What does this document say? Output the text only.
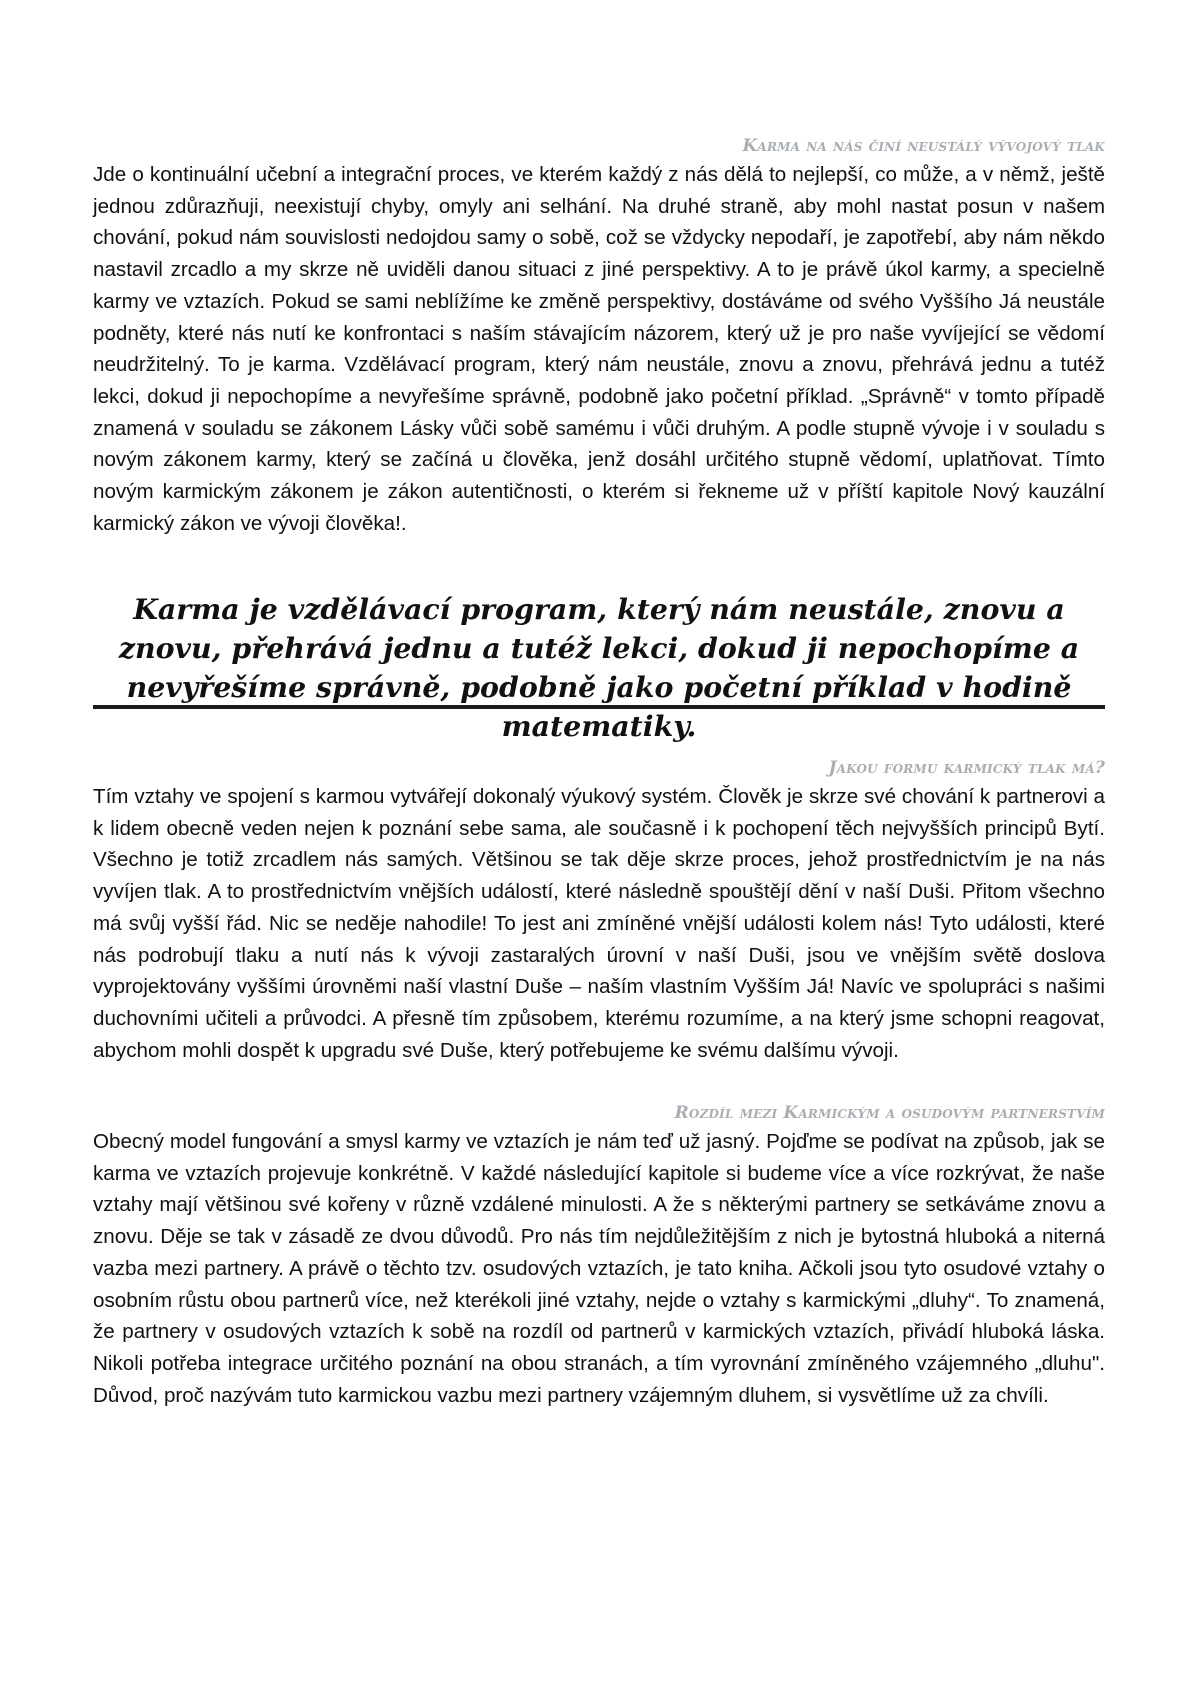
Karma na nás činí neustálý vývojový tlak

Jde o kontinuální učební a integrační proces, ve kterém každý z nás dělá to nejlepší, co může, a v němž, ještě jednou zdůrazňuji, neexistují chyby, omyly ani selhání. Na druhé straně, aby mohl nastat posun v našem chování, pokud nám souvislosti nedojdou samy o sobě, což se vždycky nepodaří, je zapotřebí, aby nám někdo nastavil zrcadlo a my skrze ně uviděli danou situaci z jiné perspektivy. A to je právě úkol karmy, a specielně karmy ve vztazích. Pokud se sami neblížíme ke změně perspektivy, dostáváme od svého Vyššího Já neustále podněty, které nás nutí ke konfrontaci s naším stávajícím názorem, který už je pro naše vyvíjející se vědomí neudržitelný. To je karma. Vzdělávací program, který nám neustále, znovu a znovu, přehrává jednu a tutéž lekci, dokud ji nepochopíme a nevyřešíme správně, podobně jako početní příklad. „Správně“ v tomto případě znamená v souladu se zákonem Lásky vůči sobě samému i vůči druhým. A podle stupně vývoje i v souladu s novým zákonem karmy, který se začíná u člověka, jenž dosáhl určitého stupně vědomí, uplatňovat. Tímto novým karmickým zákonem je zákon autentičnosti, o kterém si řekneme už v příští kapitole Nový kauzální karmický zákon ve vývoji člověka!.

Karma je vzdělávací program, který nám neustále, znovu a znovu, přehrává jednu a tutéž lekci, dokud ji nepochopíme a nevyřešíme správně, podobně jako početní příklad v hodině matematiky.

Jakou formu karmický tlak má?

Tím vztahy ve spojení s karmou vytvářejí dokonalý výukový systém. Člověk je skrze své chování k partnerovi a k lidem obecně veden nejen k poznání sebe sama, ale současně i k pochopení těch nejvyšších principů Bytí. Všechno je totiž zrcadlem nás samých. Většinou se tak děje skrze proces, jehož prostřednictvím je na nás vyvíjen tlak. A to prostřednictvím vnějších událostí, které následně spouštějí dění v naší Duši. Přitom všechno má svůj vyšší řád. Nic se neděje nahodile! To jest ani zmíněné vnější události kolem nás! Tyto události, které nás podrobují tlaku a nutí nás k vývoji zastaralých úrovní v naší Duši, jsou ve vnějším světě doslova vyprojektovány vyššími úrovněmi naší vlastní Duše – naším vlastním Vyšším Já! Navíc ve spolupráci s našimi duchovními učiteli a průvodci. A přesně tím způsobem, kterému rozumíme, a na který jsme schopni reagovat, abychom mohli dospět k upgradu své Duše, který potřebujeme ke svému dalšímu vývoji.

Rozdíl mezi Karmickým a osudovým partnerstvím

Obecný model fungování a smysl karmy ve vztazích je nám teď už jasný. Pojďme se podívat na způsob, jak se karma ve vztazích projevuje konkrétně. V každé následující kapitole si budeme více a více rozkrývat, že naše vztahy mají většinou své kořeny v různě vzdálené minulosti. A že s některými partnery se setkáváme znovu a znovu. Děje se tak v zásadě ze dvou důvodů. Pro nás tím nejdůležitějším z nich je bytostná hluboká a niterná vazba mezi partnery. A právě o těchto tzv. osudových vztazích, je tato kniha. Ačkoli jsou tyto osudové vztahy o osobním růstu obou partnerů více, než kterékoli jiné vztahy, nejde o vztahy s karmickými „dluhy“. To znamená, že partnery v osudových vztazích k sobě na rozdíl od partnerů v karmických vztazích, přivádí hluboká láska. Nikoli potřeba integrace určitého poznání na obou stranách, a tím vyrovnání zmíněného vzájemného „dluhu". Důvod, proč nazývám tuto karmickou vazbu mezi partnery vzájemným dluhem, si vysvětlíme už za chvíli.
